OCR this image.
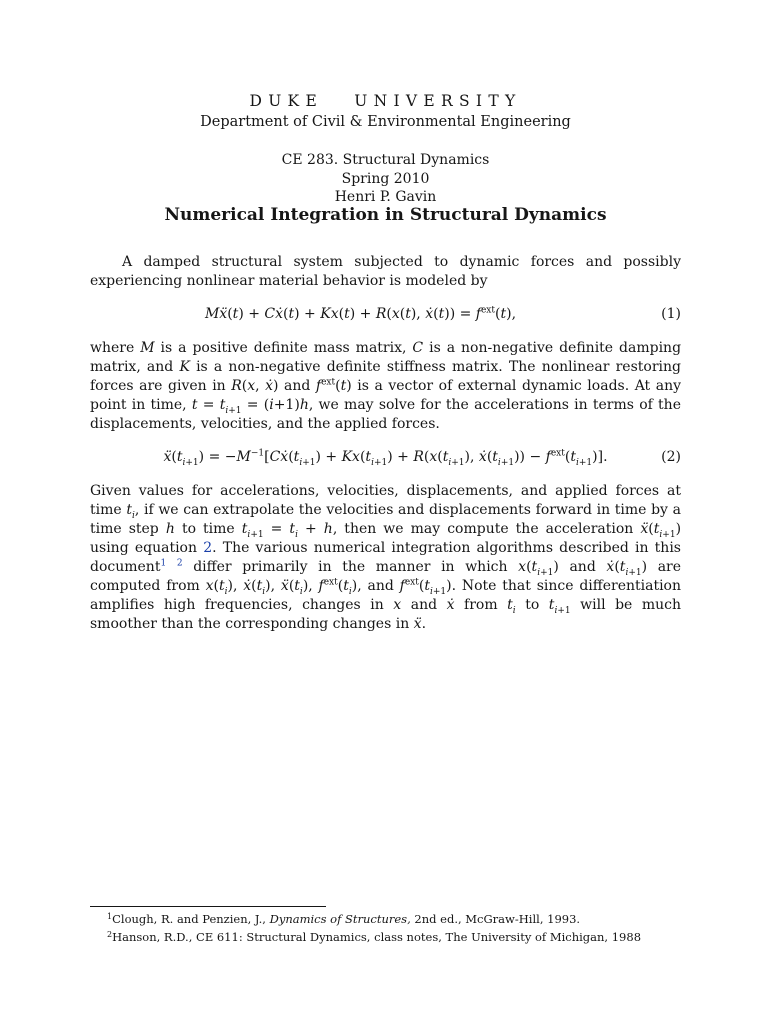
DUKE UNIVERSITY
Department of Civil & Environmental Engineering
CE 283. Structural Dynamics
Spring 2010
Henri P. Gavin
Numerical Integration in Structural Dynamics
A damped structural system subjected to dynamic forces and possibly experiencing nonlinear material behavior is modeled by
Mẍ(t) + Cẋ(t) + Kx(t) + R(x(t), ẋ(t)) = $f^{ext}(t)$,	(1)
where M is a positive definite mass matrix, C is a non-negative definite damping matrix, and K is a non-negative definite stiffness matrix. The nonlinear restoring forces are given in R(x, ẋ) and $f^{ext}(t)$ is a vector of external dynamic loads. At any point in time, $t = t_{i+1} = (i+1)h$, we may solve for the accelerations in terms of the displacements, velocities, and the applied forces.
$ẍ(t_{i+1})$ = $-M^{-1}[Cẋ(t_{i+1}) + Kx(t_{i+1}) + R(x(t_{i+1})$, $ẋ(t_{i+1})) - f^{ext}(t_{i+1})$].	(2)
Given values for accelerations, velocities, displacements, and applied forces at time $t_i$, if we can extrapolate the velocities and displacements forward in time by a time step h to time $t_{i+1} = t_i + h$, then we may compute the acceleration $ẍ(t_{i+1})$ using equation 2. The various numerical integration algorithms described in this document$^1$ $^2$ differ primarily in the manner in which $x(t_{i+1})$ and $ẋ(t_{i+1})$ are computed from $x(t_i)$, $ẋ(t_i)$, $ẍ(t_i)$, $f^{ext}(t_i)$, and $f^{ext}(t_{i+1})$. Note that since differentiation amplifies high frequencies, changes in x and ẋ from $t_i$ to $t_{i+1}$ will be much smoother than the corresponding changes in ẍ.
$^1$Clough, R. and Penzien, J., Dynamics of Structures, 2nd ed., McGraw-Hill, 1993.
$^2$Hanson, R.D., CE 611: Structural Dynamics, class notes, The University of Michigan, 1988
